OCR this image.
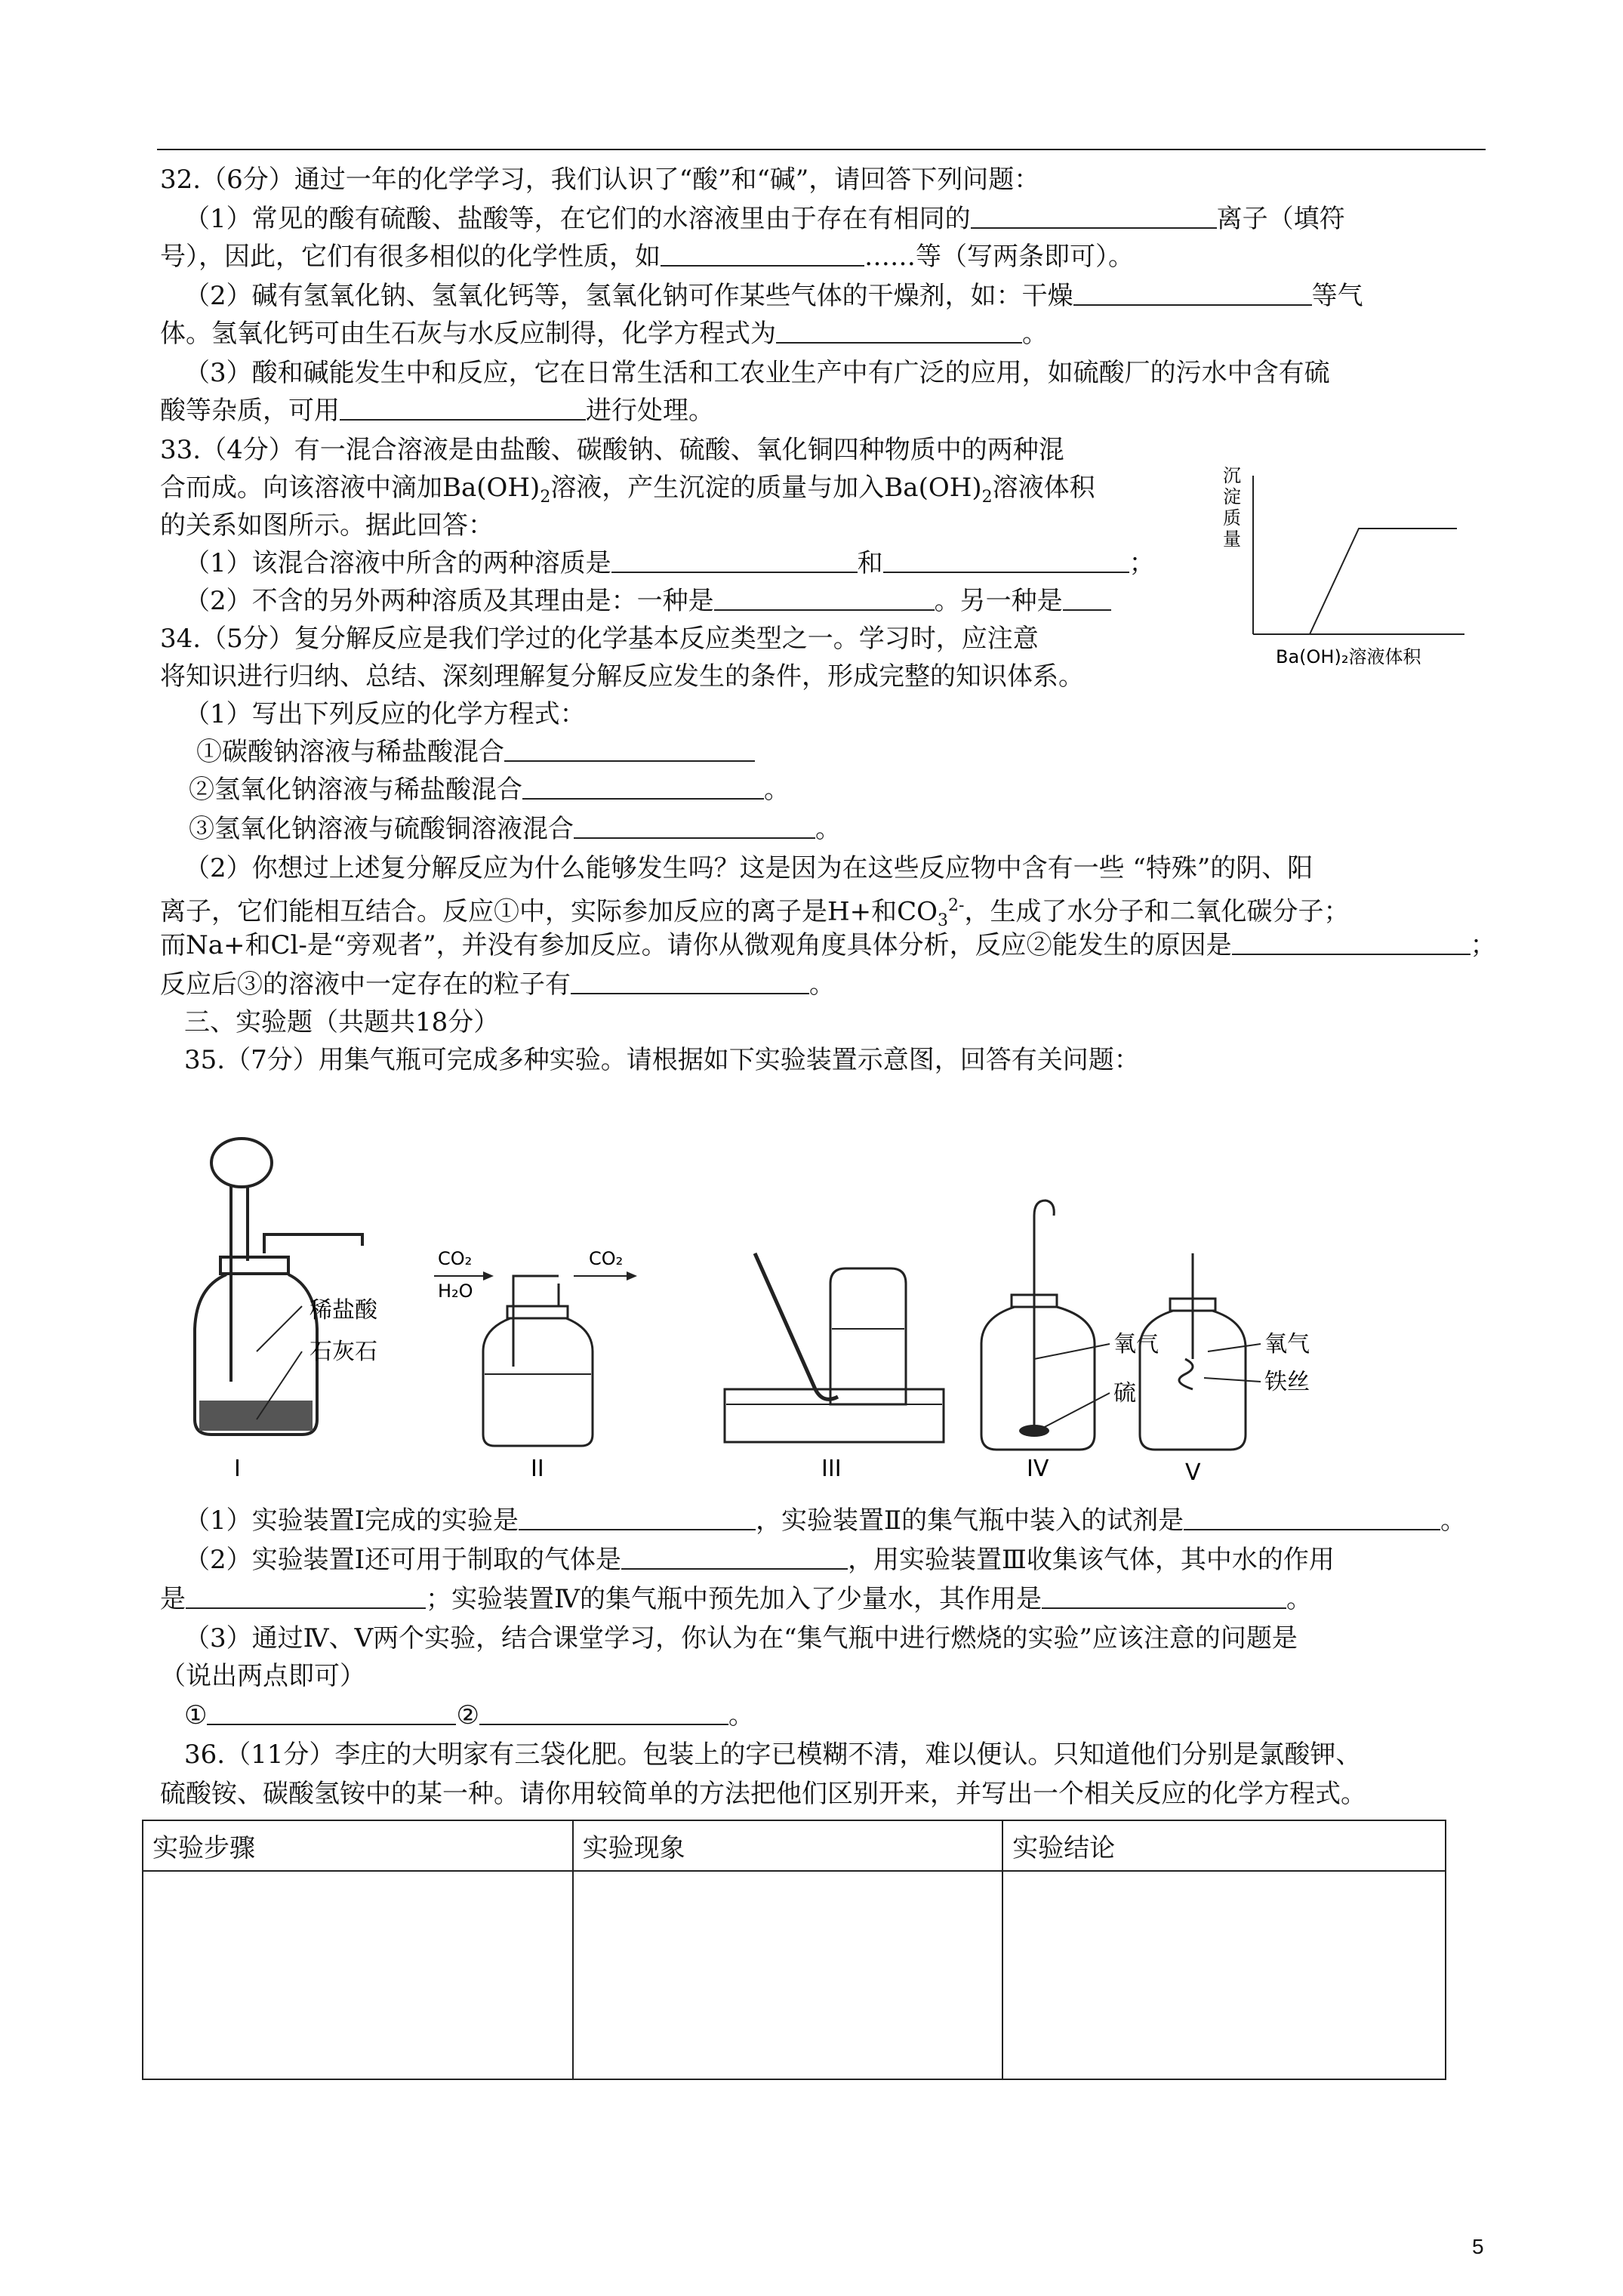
32.（6分）通过一年的化学学习，我们认识了“酸”和“碱”，请回答下列问题：
（1）常见的酸有硫酸、盐酸等，在它们的水溶液里由于存在有相同的	离子（填符
号），因此，它们有很多相似的化学性质，如	……等（写两条即可）。
（2）碱有氢氧化钠、氢氧化钙等，氢氧化钠可作某些气体的干燥剂，如：干燥	等气
体。氢氧化钙可由生石灰与水反应制得，化学方程式为	。
（3）酸和碱能发生中和反应，它在日常生活和工农业生产中有广泛的应用，如硫酸厂的污水中含有硫
酸等杂质，可用	进行处理。
33.（4分）有一混合溶液是由盐酸、碳酸钠、硫酸、氧化铜四种物质中的两种混
合而成。向该溶液中滴加$Ba(OH)_2$溶液，产生沉淀的质量与加入$Ba(OH)_2$溶液体积
的关系如图所示。据此回答：
（1）该混合溶液中所含的两种溶质是	和	；
（2）不含的另外两种溶质及其理由是：一种是	。另一种是
沉
淀
质
量
Ba(OH)₂溶液体积
34.（5分）复分解反应是我们学过的化学基本反应类型之一。学习时，应注意
将知识进行归纳、总结、深刻理解复分解反应发生的条件，形成完整的知识体系。
（1）写出下列反应的化学方程式：
①碳酸钠溶液与稀盐酸混合
②氢氧化钠溶液与稀盐酸混合	。
③氢氧化钠溶液与硫酸铜溶液混合	。
（2）你想过上述复分解反应为什么能够发生吗？这是因为在这些反应物中含有一些 “特殊”的阴、阳
离子，它们能相互结合。反应①中，实际参加反应的离子是H+和$CO_3^{2-}$，生成了水分子和二氧化碳分子；
而Na+和Cl-是“旁观者”，并没有参加反应。请你从微观角度具体分析，反应②能发生的原因是	；
反应后③的溶液中一定存在的粒子有	。
三、实验题（共题共18分）
35.（7分）用集气瓶可完成多种实验。请根据如下实验装置示意图，回答有关问题：
稀盐酸
石灰石
I
CO₂
H₂O
CO₂
II	III
氧气
硫
IV
氧气
铁丝
V
（1）实验装置Ⅰ完成的实验是	，实验装置Ⅱ的集气瓶中装入的试剂是	。
（2）实验装置Ⅰ还可用于制取的气体是	，用实验装置Ⅲ收集该气体，其中水的作用
是	；实验装置Ⅳ的集气瓶中预先加入了少量水，其作用是	。
（3）通过Ⅳ、Ⅴ两个实验，结合课堂学习，你认为在“集气瓶中进行燃烧的实验”应该注意的问题是
（说出两点即可）
①	②	。
36.（11分）李庄的大明家有三袋化肥。包装上的字已模糊不清，难以便认。只知道他们分别是氯酸钾、
硫酸铵、碳酸氢铵中的某一种。请你用较简单的方法把他们区别开来，并写出一个相关反应的化学方程式。
实验步骤	实验现象	实验结论

5
